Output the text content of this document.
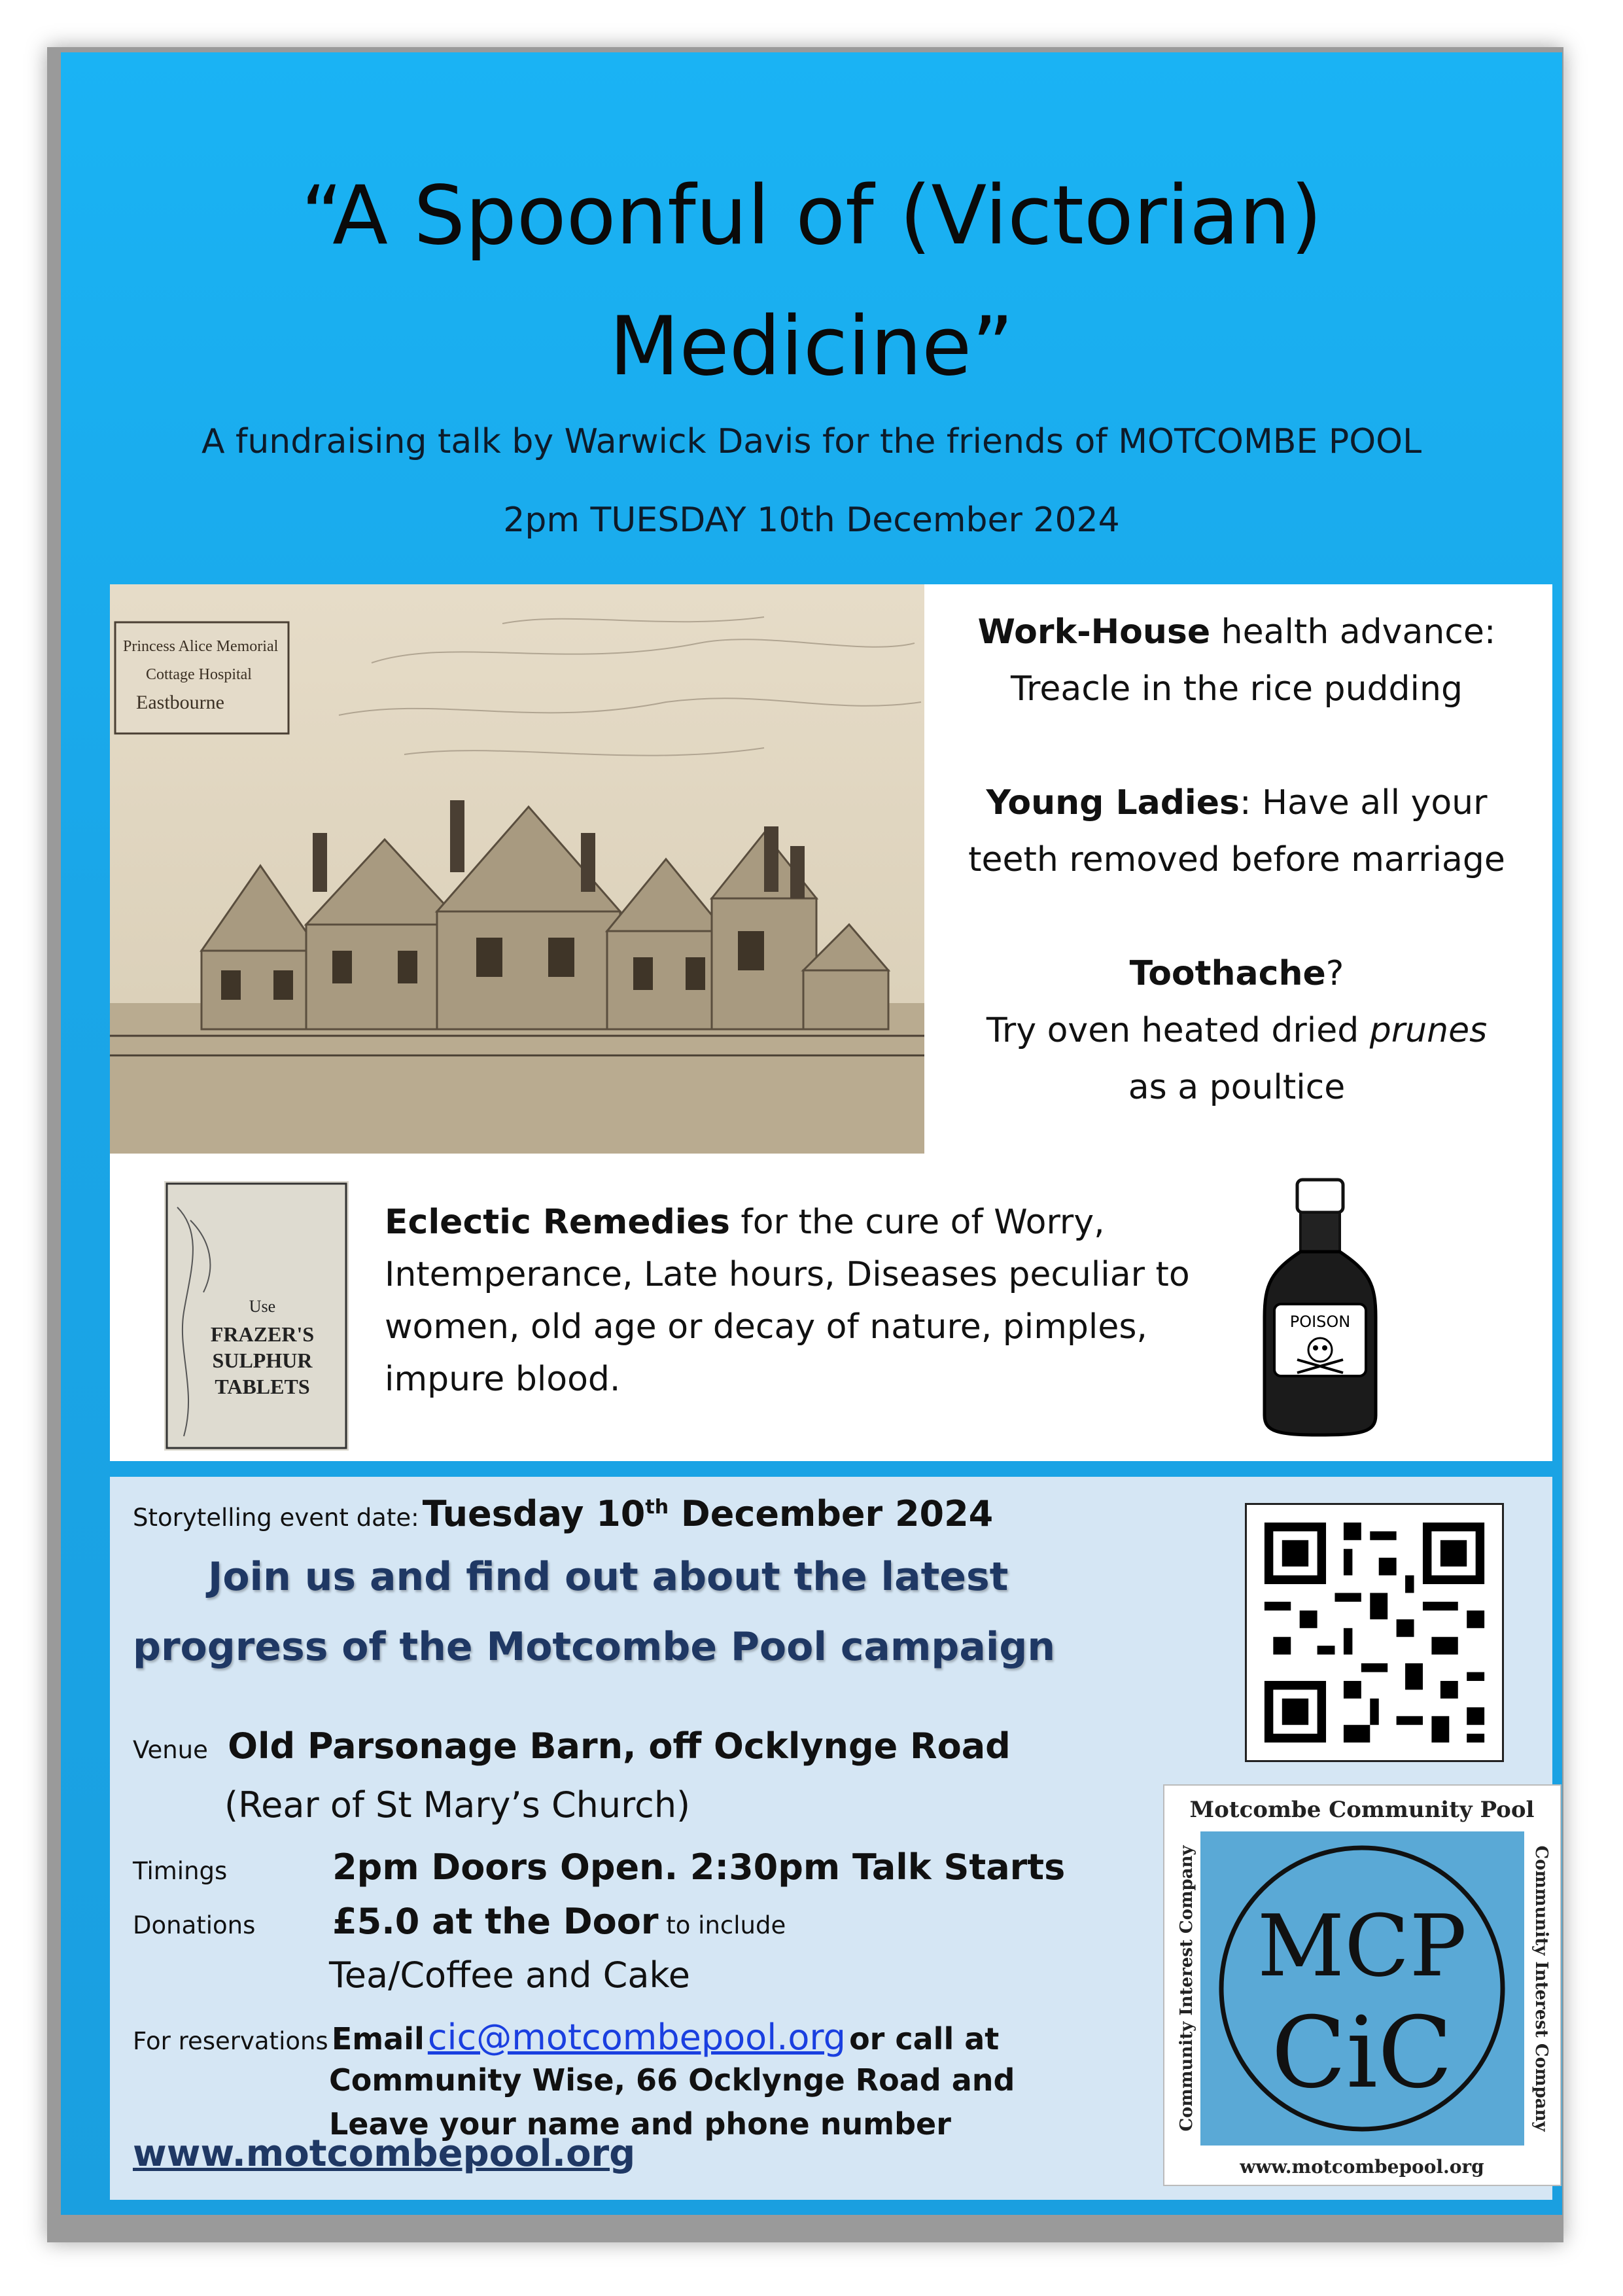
“A Spoonful of (Victorian)
Medicine”
A fundraising talk by Warwick Davis for the friends of MOTCOMBE POOL
2pm TUESDAY 10th December 2024
Princess Alice Memorial
Cottage Hospital
Eastbourne
Work-House health advance:
Treacle in the rice pudding
Young Ladies: Have all your
teeth removed before marriage
Toothache?
Try oven heated dried prunes
as a poultice
Use
FRAZER'S
SULPHUR
TABLETS
Eclectic Remedies for the cure of Worry, Intemperance, Late hours, Diseases peculiar to women, old age or decay of nature, pimples, impure blood.
POISON
Storytelling event date: Tuesday 10th December 2024
Join us and find out about the latest
progress of the Motcombe Pool campaign
Venue Old Parsonage Barn, off Ocklynge Road
(Rear of St Mary’s Church)
Timings	2pm Doors Open. 2:30pm Talk Starts
Donations £5.0 at the Door to include
Tea/Coffee and Cake
For reservations Email cic@motcombepool.org or call at
Community Wise, 66 Ocklynge Road and
Leave your name and phone number
www.motcombepool.org
Motcombe Community Pool
www.motcombepool.org
MCP
CiC
Community Interest Company	Community Interest Company
